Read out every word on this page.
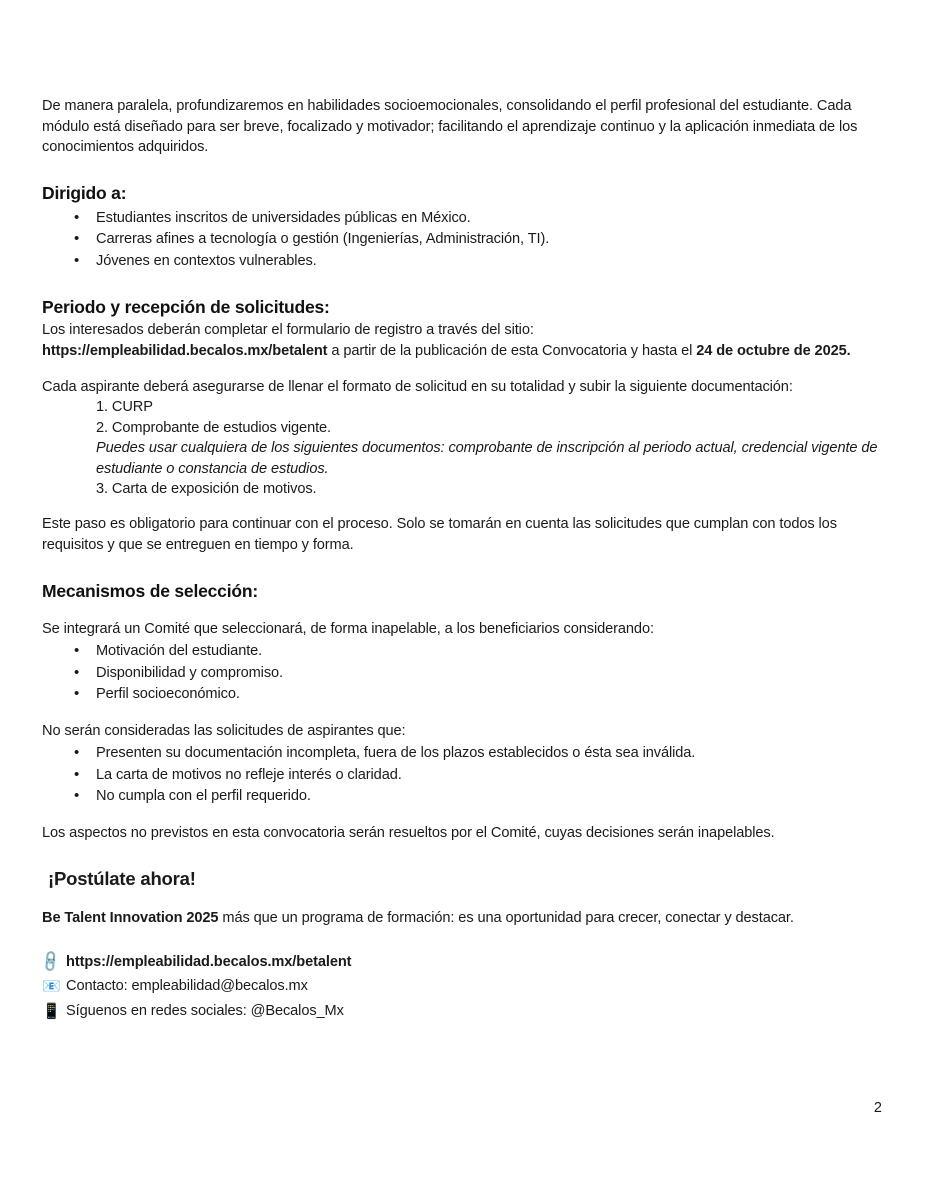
De manera paralela, profundizaremos en habilidades socioemocionales, consolidando el perfil profesional del estudiante. Cada módulo está diseñado para ser breve, focalizado y motivador; facilitando el aprendizaje continuo y la aplicación inmediata de los conocimientos adquiridos.

Dirigido a:
• Estudiantes inscritos de universidades públicas en México.
• Carreras afines a tecnología o gestión (Ingenierías, Administración, TI).
• Jóvenes en contextos vulnerables.
Periodo y recepción de solicitudes:

Los interesados deberán completar el formulario de registro a través del sitio:

https://empleabilidad.becalos.mx/betalent a partir de la publicación de esta Convocatoria y hasta el 24 de octubre de 2025.

Cada aspirante deberá asegurarse de llenar el formato de solicitud en su totalidad y subir la siguiente documentación:

1. CURP
2. Comprobante de estudios vigente.
Puedes usar cualquiera de los siguientes documentos: comprobante de inscripción al periodo actual, credencial vigente de estudiante o constancia de estudios.
3. Carta de exposición de motivos.

Este paso es obligatorio para continuar con el proceso. Solo se tomarán en cuenta las solicitudes que cumplan con todos los requisitos y que se entreguen en tiempo y forma.

Mecanismos de selección:

Se integrará un Comité que seleccionará, de forma inapelable, a los beneficiarios considerando:

• Motivación del estudiante.
• Disponibilidad y compromiso.
• Perfil socioeconómico.

No serán consideradas las solicitudes de aspirantes que:

• Presenten su documentación incompleta, fuera de los plazos establecidos o ésta sea inválida.
• La carta de motivos no refleje interés o claridad.
• No cumpla con el perfil requerido.

Los aspectos no previstos en esta convocatoria serán resueltos por el Comité, cuyas decisiones serán inapelables.

¡Postúlate ahora!

Be Talent Innovation 2025 más que un programa de formación: es una oportunidad para crecer, conectar y destacar.

🔗 https://empleabilidad.becalos.mx/betalent
📧 Contacto: empleabilidad@becalos.mx
📱 Síguenos en redes sociales: @Becalos_Mx
2
